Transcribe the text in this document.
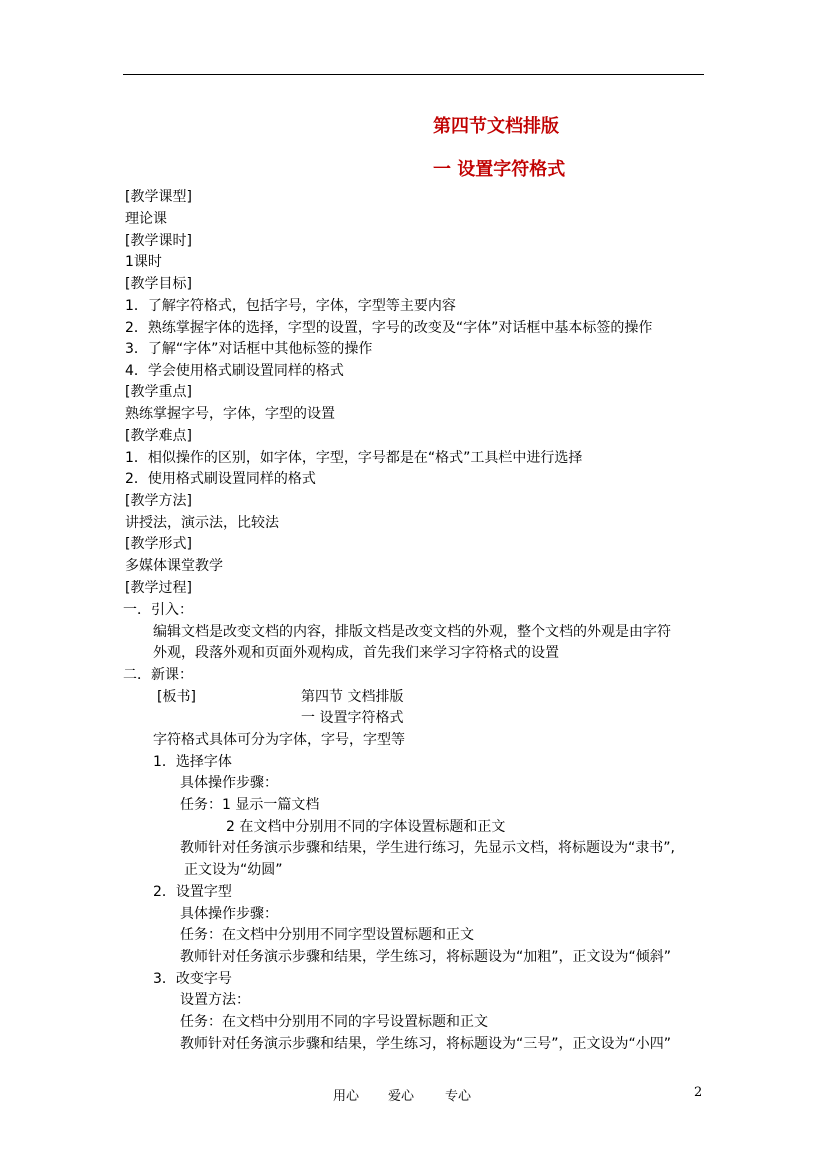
第四节文档排版
一 设置字符格式
[教学课型]
理论课
[教学课时]
1课时
[教学目标]
1．了解字符格式，包括字号，字体，字型等主要内容
2．熟练掌握字体的选择，字型的设置，字号的改变及“字体”对话框中基本标签的操作
3．了解“字体”对话框中其他标签的操作
4．学会使用格式刷设置同样的格式
[教学重点]
熟练掌握字号，字体，字型的设置
[教学难点]
1．相似操作的区别，如字体，字型，字号都是在“格式”工具栏中进行选择
2．使用格式刷设置同样的格式
[教学方法]
讲授法，演示法，比较法
[教学形式]
多媒体课堂教学
[教学过程]
一．引入：
编辑文档是改变文档的内容，排版文档是改变文档的外观，整个文档的外观是由字符
外观，段落外观和页面外观构成，首先我们来学习字符格式的设置
二．新课：
[板书]	第四节 文档排版
一 设置字符格式
字符格式具体可分为字体，字号，字型等
1．选择字体
具体操作步骤：
任务：1 显示一篇文档
2 在文档中分别用不同的字体设置标题和正文
教师针对任务演示步骤和结果，学生进行练习，先显示文档，将标题设为“隶书”,
正文设为“幼圆”
2．设置字型
具体操作步骤：
任务：在文档中分别用不同字型设置标题和正文
教师针对任务演示步骤和结果，学生练习，将标题设为“加粗”，正文设为“倾斜”
3．改变字号
设置方法：
任务：在文档中分别用不同的字号设置标题和正文
教师针对任务演示步骤和结果，学生练习，将标题设为“三号”，正文设为“小四”
用心 爱心 专心	2
